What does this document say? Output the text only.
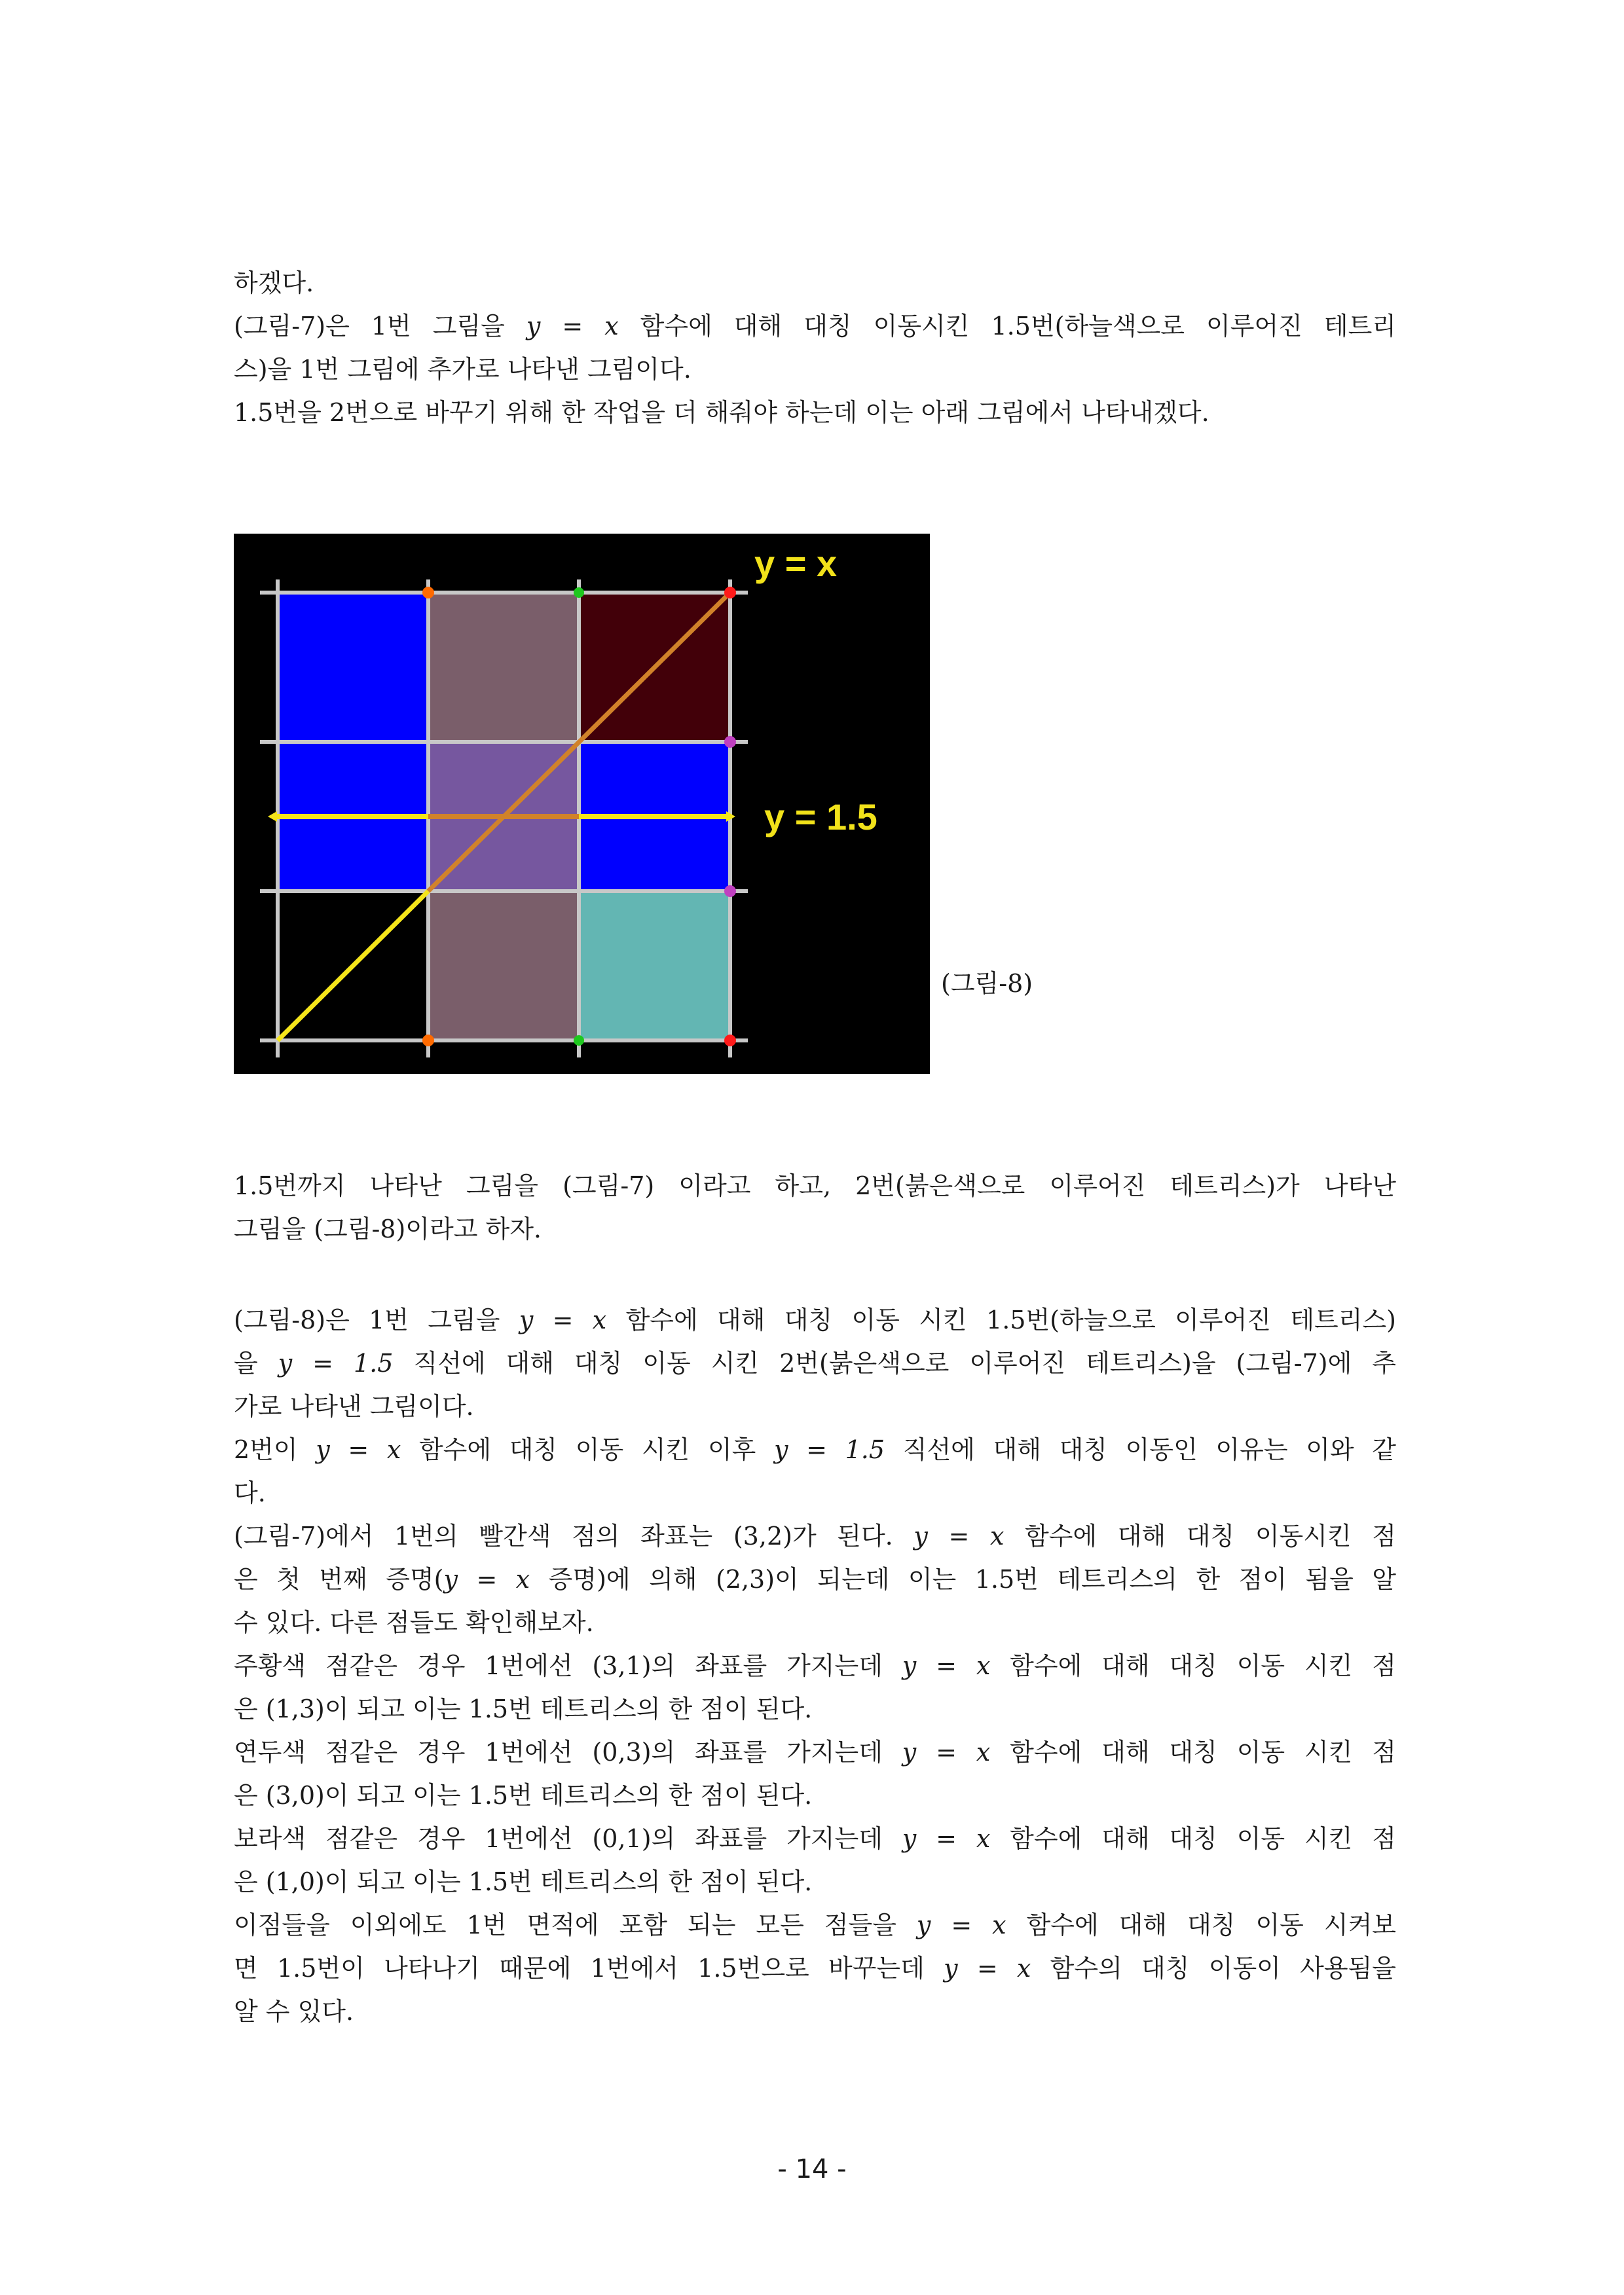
하겠다.
(그림-7)은 1번 그림을 y = x 함수에 대해 대칭 이동시킨 1.5번(하늘색으로 이루어진 테트리
스)을 1번 그림에 추가로 나타낸 그림이다.
1.5번을 2번으로 바꾸기 위해 한 작업을 더 해줘야 하는데 이는 아래 그림에서 나타내겠다.
y = x
y = 1.5
(그림-8)
1.5번까지 나타난 그림을 (그림-7) 이라고 하고, 2번(붉은색으로 이루어진 테트리스)가 나타난
그림을 (그림-8)이라고 하자.
(그림-8)은 1번 그림을 y = x 함수에 대해 대칭 이동 시킨 1.5번(하늘으로 이루어진 테트리스)
을 y = 1.5 직선에 대해 대칭 이동 시킨 2번(붉은색으로 이루어진 테트리스)을 (그림-7)에 추
가로 나타낸 그림이다.
2번이 y = x 함수에 대칭 이동 시킨 이후 y = 1.5 직선에 대해 대칭 이동인 이유는 이와 같
다.
(그림-7)에서 1번의 빨간색 점의 좌표는 (3,2)가 된다. y = x 함수에 대해 대칭 이동시킨 점
은 첫 번째 증명(y = x 증명)에 의해 (2,3)이 되는데 이는 1.5번 테트리스의 한 점이 됨을 알
수 있다. 다른 점들도 확인해보자.
주황색 점같은 경우 1번에선 (3,1)의 좌표를 가지는데 y = x 함수에 대해 대칭 이동 시킨 점
은 (1,3)이 되고 이는 1.5번 테트리스의 한 점이 된다.
연두색 점같은 경우 1번에선 (0,3)의 좌표를 가지는데 y = x 함수에 대해 대칭 이동 시킨 점
은 (3,0)이 되고 이는 1.5번 테트리스의 한 점이 된다.
보라색 점같은 경우 1번에선 (0,1)의 좌표를 가지는데 y = x 함수에 대해 대칭 이동 시킨 점
은 (1,0)이 되고 이는 1.5번 테트리스의 한 점이 된다.
이점들을 이외에도 1번 면적에 포함 되는 모든 점들을 y = x 함수에 대해 대칭 이동 시켜보
면 1.5번이 나타나기 때문에 1번에서 1.5번으로 바꾸는데 y = x 함수의 대칭 이동이 사용됨을
알 수 있다.
- 14 -
